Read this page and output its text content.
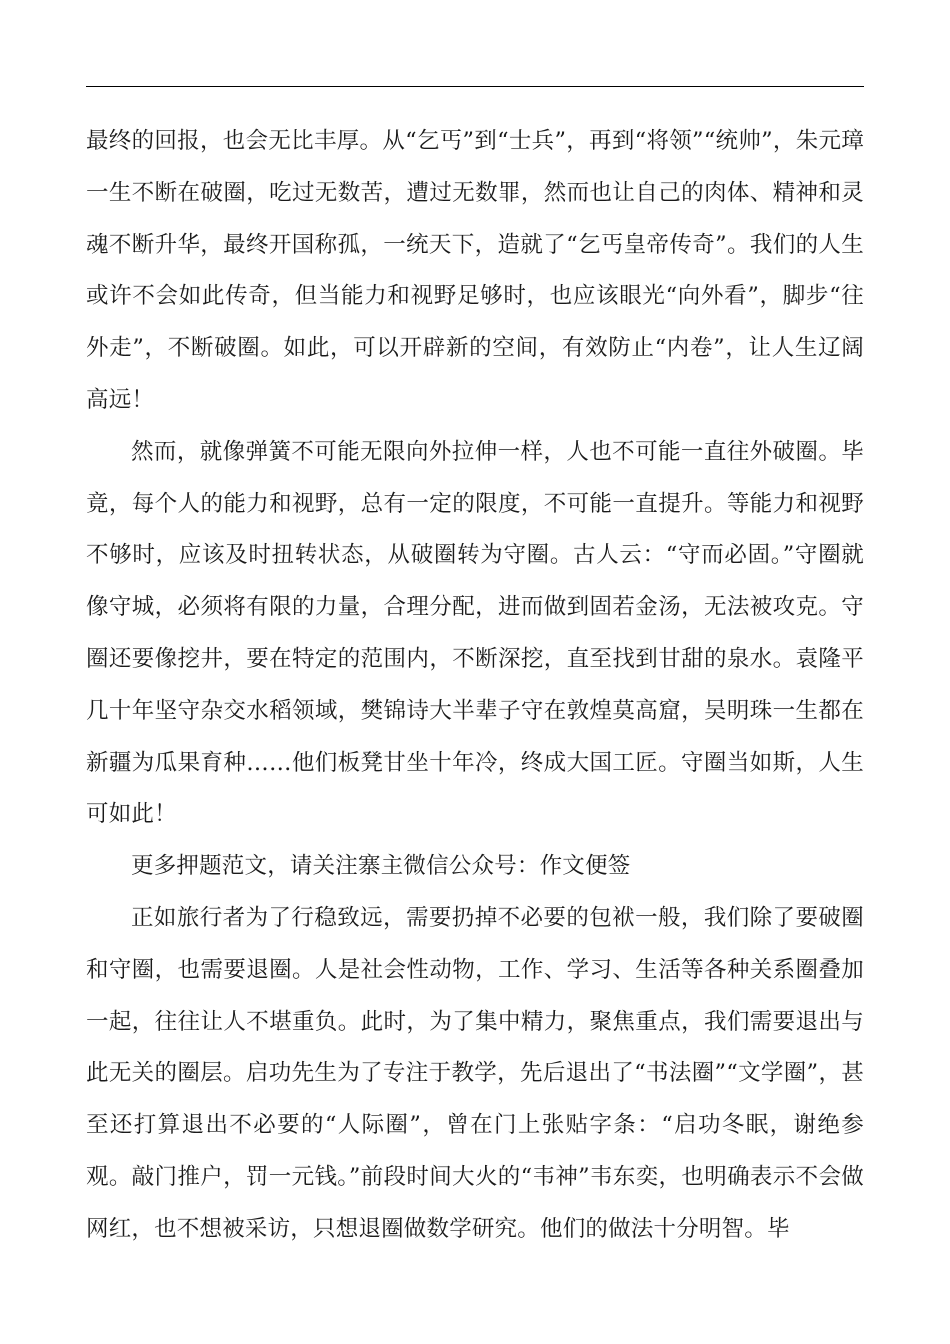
最终的回报，也会无比丰厚。从“乞丐”到“士兵”，再到“将领”“统帅”，朱元璋一生不断在破圈，吃过无数苦，遭过无数罪，然而也让自己的肉体、精神和灵魂不断升华，最终开国称孤，一统天下，造就了“乞丐皇帝传奇”。我们的人生或许不会如此传奇，但当能力和视野足够时，也应该眼光“向外看”，脚步“往外走”，不断破圈。如此，可以开辟新的空间，有效防止“内卷”，让人生辽阔高远！

然而，就像弹簧不可能无限向外拉伸一样，人也不可能一直往外破圈。毕竟，每个人的能力和视野，总有一定的限度，不可能一直提升。等能力和视野不够时，应该及时扭转状态，从破圈转为守圈。古人云：“守而必固。”守圈就像守城，必须将有限的力量，合理分配，进而做到固若金汤，无法被攻克。守圈还要像挖井，要在特定的范围内，不断深挖，直至找到甘甜的泉水。袁隆平几十年坚守杂交水稻领域，樊锦诗大半辈子守在敦煌莫高窟，吴明珠一生都在新疆为瓜果育种……他们板凳甘坐十年冷，终成大国工匠。守圈当如斯，人生可如此！

更多押题范文，请关注寨主微信公众号：作文便签

正如旅行者为了行稳致远，需要扔掉不必要的包袱一般，我们除了要破圈和守圈，也需要退圈。人是社会性动物，工作、学习、生活等各种关系圈叠加一起，往往让人不堪重负。此时，为了集中精力，聚焦重点，我们需要退出与此无关的圈层。启功先生为了专注于教学，先后退出了“书法圈”“文学圈”，甚至还打算退出不必要的“人际圈”，曾在门上张贴字条：“启功冬眠，谢绝参观。敲门推户，罚一元钱。”前段时间大火的“韦神”韦东奕，也明确表示不会做网红，也不想被采访，只想退圈做数学研究。他们的做法十分明智。毕
